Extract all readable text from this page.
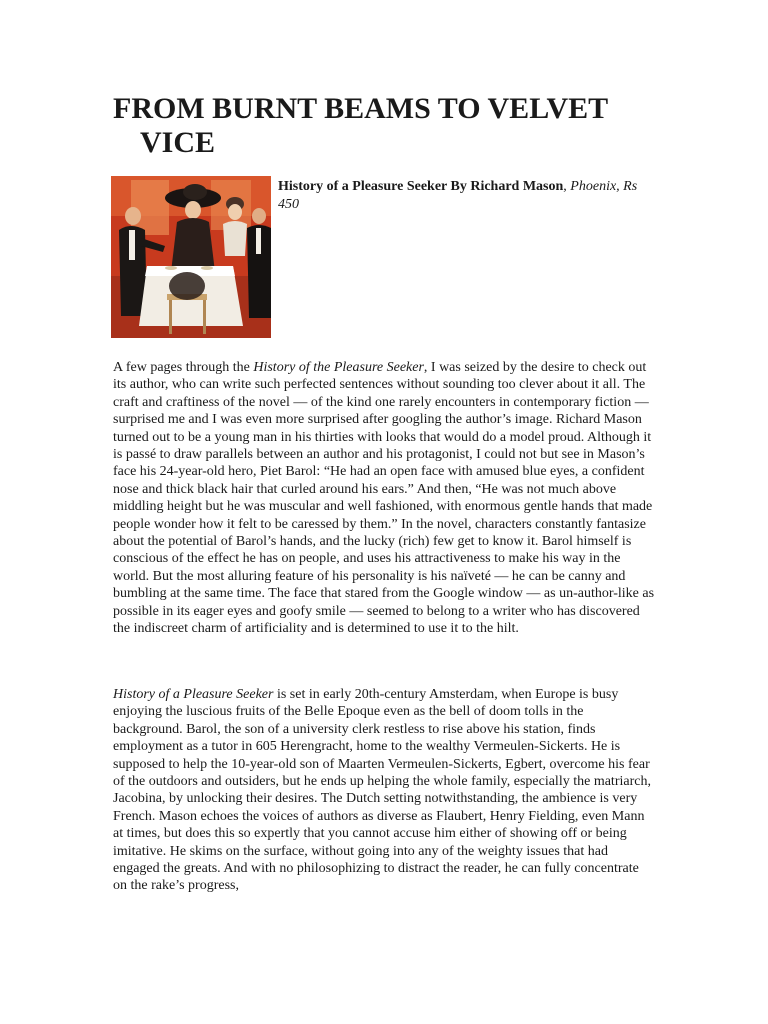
FROM BURNT BEAMS TO VELVET
VICE
History of a Pleasure Seeker By Richard Mason, Phoenix, Rs 450

A few pages through the History of the Pleasure Seeker, I was seized by the desire to check out its author, who can write such perfected sentences without sounding too clever about it all. The craft and craftiness of the novel — of the kind one rarely encounters in contemporary fiction — surprised me and I was even more surprised after googling the author’s image. Richard Mason turned out to be a young man in his thirties with looks that would do a model proud. Although it is passé to draw parallels between an author and his protagonist, I could not but see in Mason’s face his 24-year-old hero, Piet Barol: “He had an open face with amused blue eyes, a confident nose and thick black hair that curled around his ears.” And then, “He was not much above middling height but he was muscular and well fashioned, with enormous gentle hands that made people wonder how it felt to be caressed by them.” In the novel, characters constantly fantasize about the potential of Barol’s hands, and the lucky (rich) few get to know it. Barol himself is conscious of the effect he has on people, and uses his attractiveness to make his way in the world. But the most alluring feature of his personality is his naïveté — he can be canny and bumbling at the same time. The face that stared from the Google window — as un-author-like as possible in its eager eyes and goofy smile — seemed to belong to a writer who has discovered the indiscreet charm of artificiality and is determined to use it to the hilt.

History of a Pleasure Seeker is set in early 20th-century Amsterdam, when Europe is busy enjoying the luscious fruits of the Belle Epoque even as the bell of doom tolls in the background. Barol, the son of a university clerk restless to rise above his station, finds employment as a tutor in 605 Herengracht, home to the wealthy Vermeulen-Sickerts. He is supposed to help the 10-year-old son of Maarten Vermeulen-Sickerts, Egbert, overcome his fear of the outdoors and outsiders, but he ends up helping the whole family, especially the matriarch, Jacobina, by unlocking their desires. The Dutch setting notwithstanding, the ambience is very French. Mason echoes the voices of authors as diverse as Flaubert, Henry Fielding, even Mann at times, but does this so expertly that you cannot accuse him either of showing off or being imitative. He skims on the surface, without going into any of the weighty issues that had engaged the greats. And with no philosophizing to distract the reader, he can fully concentrate on the rake’s progress,
